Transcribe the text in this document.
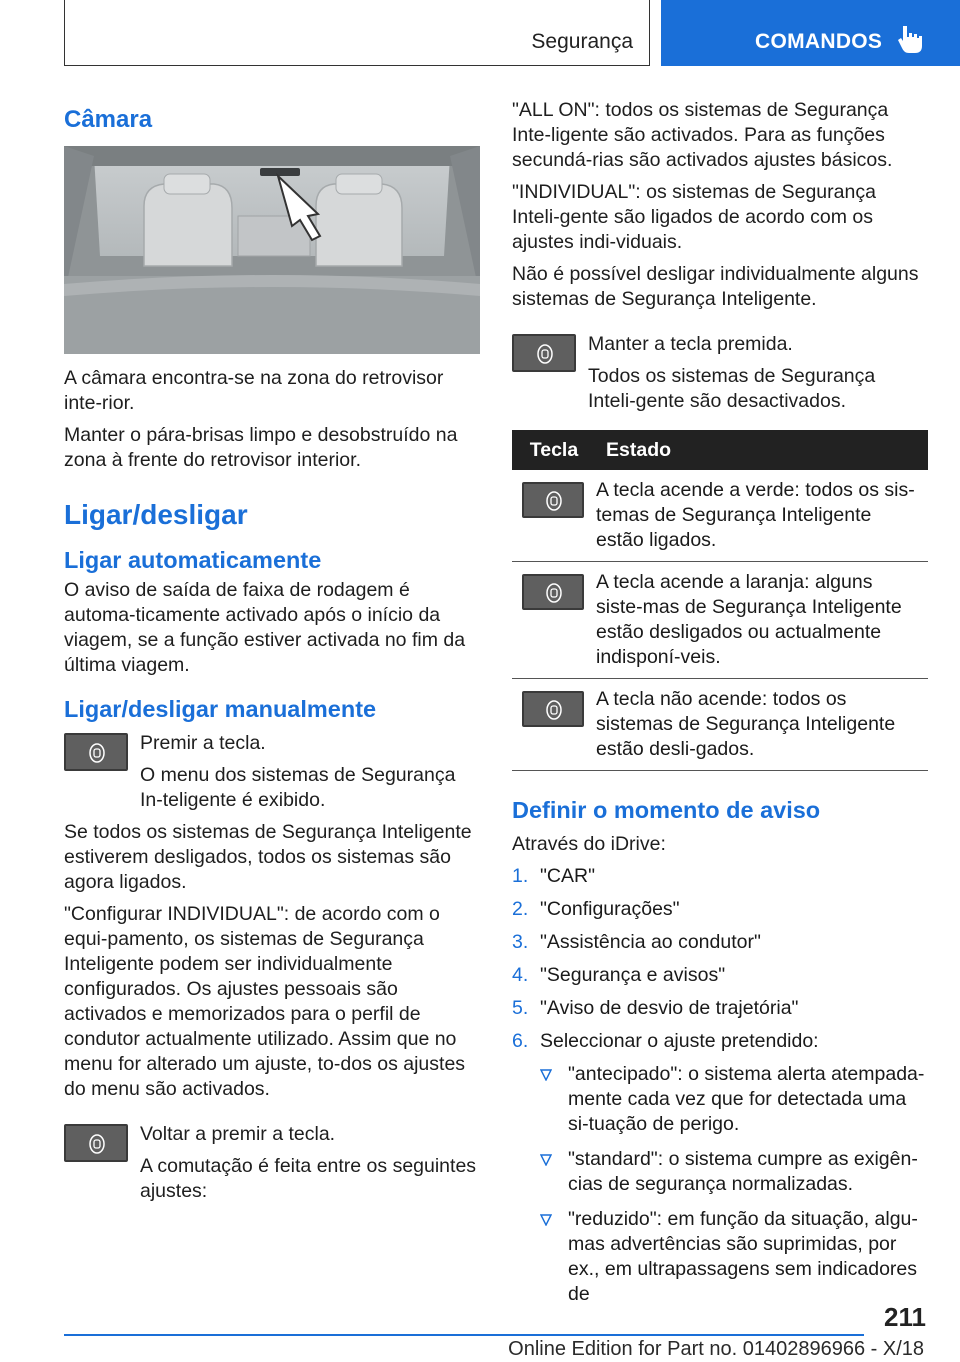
Segurança	COMANDOS
Câmara

A câmara encontra-se na zona do retrovisor inte-rior.

Manter o pára-brisas limpo e desobstruído na zona à frente do retrovisor interior.

Ligar/desligar
Ligar automaticamente

O aviso de saída de faixa de rodagem é automa-ticamente activado após o início da viagem, se a função estiver activada no fim da última viagem.

Ligar/desligar manualmente

Premir a tecla.

O menu dos sistemas de Segurança In-teligente é exibido.

Se todos os sistemas de Segurança Inteligente estiverem desligados, todos os sistemas são agora ligados.

"Configurar INDIVIDUAL": de acordo com o equi-pamento, os sistemas de Segurança Inteligente podem ser individualmente configurados. Os ajustes pessoais são activados e memorizados para o perfil de condutor actualmente utilizado. Assim que no menu for alterado um ajuste, to-dos os ajustes do menu são activados.

Voltar a premir a tecla.

A comutação é feita entre os seguintes ajustes:

"ALL ON": todos os sistemas de Segurança Inte-ligente são activados. Para as funções secundá-rias são activados ajustes básicos.

"INDIVIDUAL": os sistemas de Segurança Inteli-gente são ligados de acordo com os ajustes indi-viduais.

Não é possível desligar individualmente alguns sistemas de Segurança Inteligente.

Manter a tecla premida.

Todos os sistemas de Segurança Inteli-gente são desactivados.

Tecla	Estado

	A tecla acende a verde: todos os sis-temas de Segurança Inteligente estão ligados.

	A tecla acende a laranja: alguns siste-mas de Segurança Inteligente estão desligados ou actualmente indisponí-veis.

	A tecla não acende: todos os sistemas de Segurança Inteligente estão desli-gados.
Definir o momento de aviso

Através do iDrive:

1. "CAR"
2. "Configurações"
3. "Assistência ao condutor"
4. "Segurança e avisos"
5. "Aviso de desvio de trajetória"
6. Seleccionar o ajuste pretendido:
"antecipado": o sistema alerta atempada-mente cada vez que for detectada uma si-tuação de perigo.
"standard": o sistema cumpre as exigên-cias de segurança normalizadas.
"reduzido": em função da situação, algu-mas advertências são suprimidas, por ex., em ultrapassagens sem indicadores de
211
Online Edition for Part no. 01402896966 - X/18
